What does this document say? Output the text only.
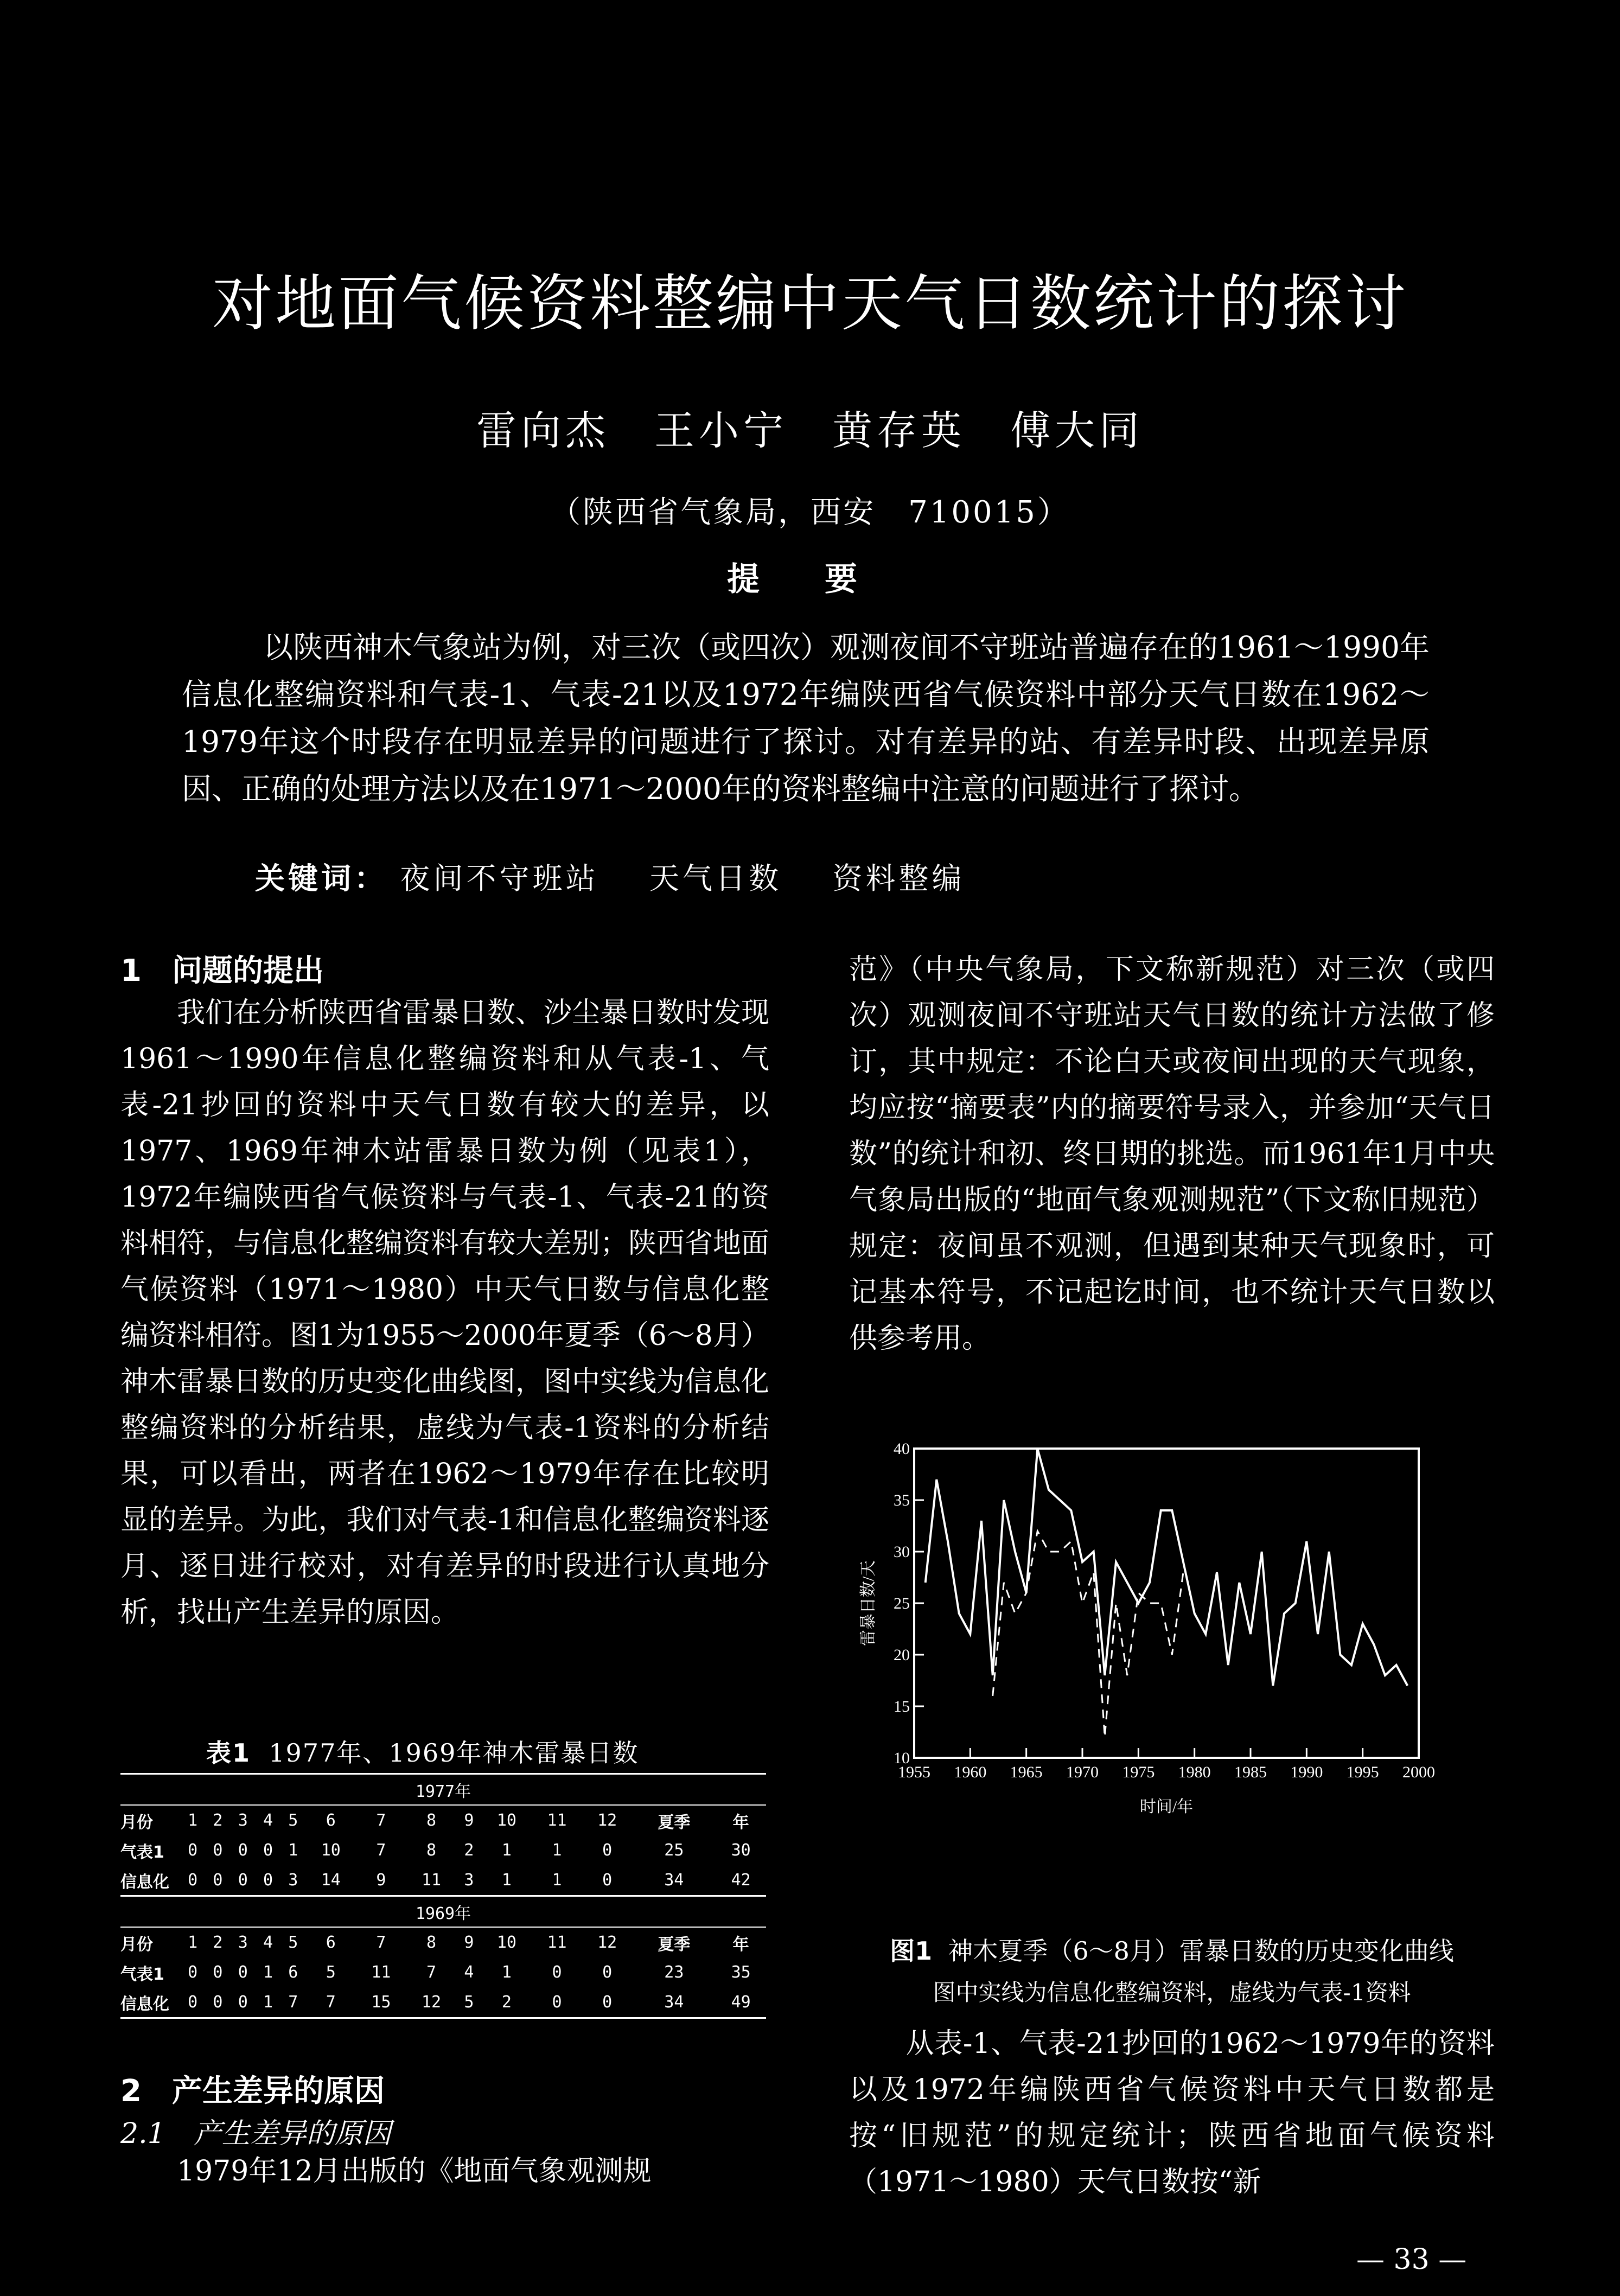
对地面气候资料整编中天气日数统计的探讨
雷向杰　王小宁　黄存英　傅大同
（陕西省气象局，西安　710015）
提要
以陕西神木气象站为例，对三次（或四次）观测夜间不守班站普遍存在的1961～1990年信息化整编资料和气表-1、气表-21以及1972年编陕西省气候资料中部分天气日数在1962～1979年这个时段存在明显差异的问题进行了探讨。对有差异的站、有差异时段、出现差异原因、正确的处理方法以及在1971～2000年的资料整编中注意的问题进行了探讨。
关键词： 夜间不守班站 天气日数 资料整编
1　问题的提出

我们在分析陕西省雷暴日数、沙尘暴日数时发现1961～1990年信息化整编资料和从气表-1、气表-21抄回的资料中天气日数有较大的差异，以1977、1969年神木站雷暴日数为例（见表1），1972年编陕西省气候资料与气表-1、气表-21的资料相符，与信息化整编资料有较大差别；陕西省地面气候资料（1971～1980）中天气日数与信息化整编资料相符。图1为1955～2000年夏季（6～8月）神木雷暴日数的历史变化曲线图，图中实线为信息化整编资料的分析结果，虚线为气表-1资料的分析结果，可以看出，两者在1962～1979年存在比较明显的差异。为此，我们对气表-1和信息化整编资料逐月、逐日进行校对，对有差异的时段进行认真地分析，找出产生差异的原因。

表1 1977年、1969年神木雷暴日数
1977年														
月份	1	2	3	4	5	6	7	8	9	10	11	12	夏季	年
气表1	0	0	0	0	1	10	7	8	2	1	1	0	25	30
信息化	0	0	0	0	3	14	9	11	3	1	1	0	34	42
1969年														
月份	1	2	3	4	5	6	7	8	9	10	11	12	夏季	年
气表1	0	0	0	1	6	5	11	7	4	1	0	0	23	35
信息化	0	0	0	1	7	7	15	12	5	2	0	0	34	49
2　产生差异的原因
2.1　产生差异的原因

1979年12月出版的《地面气象观测规

范》（中央气象局，下文称新规范）对三次（或四次）观测夜间不守班站天气日数的统计方法做了修订，其中规定：不论白天或夜间出现的天气现象，均应按“摘要表”内的摘要符号录入，并参加“天气日数”的统计和初、终日期的挑选。而1961年1月中央气象局出版的“地面气象观测规范”（下文称旧规范）规定：夜间虽不观测，但遇到某种天气现象时，可记基本符号，不记起讫时间，也不统计天气日数以供参考用。

10
15
20
25
30
35
40
1955 1960 1965 1970 1975 1980 1985 1990 1995 2000
雷暴日数/天
时间/年
图1 神木夏季（6～8月）雷暴日数的历史变化曲线
图中实线为信息化整编资料，虚线为气表-1资料

从表-1、气表-21抄回的1962～1979年的资料以及1972年编陕西省气候资料中天气日数都是按“旧规范”的规定统计；陕西省地面气候资料（1971～1980）天气日数按“新

— 33 —
